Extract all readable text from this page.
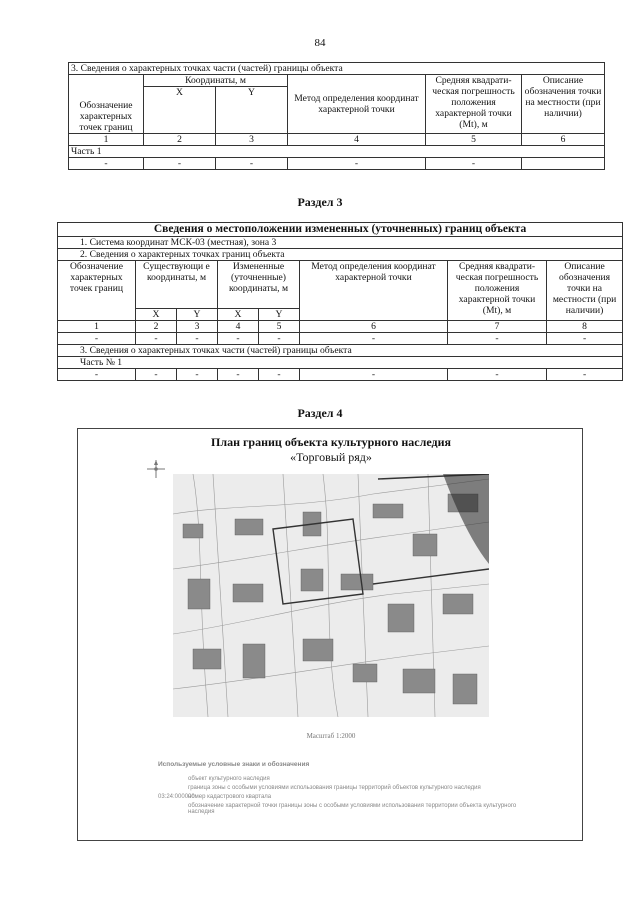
84
3. Сведения о характерных точках части (частей) границы объекта					
Обозначение характерных точек границ	Координаты, м		Метод определения координат характерной точки	Средняя квадрати-ческая погрешность положения характерной точки (Mt), м	Описание обозначения точки на местности (при наличии)
	X	Y			
1	2	3	4	5	6
Часть 1					
-	-	-	-	-	
Раздел 3
Сведения о местоположении измененных (уточненных) границ объекта							
1. Система координат МСК-03 (местная), зона 3							
2. Сведения о характерных точках границ объекта							
Обозначение характерных точек границ	Существующи е координаты, м		Измененные (уточненные) координаты, м		Метод определения координат характерной точки	Средняя квадрати-ческая погрешность положения характерной точки (Mt), м	Описание обозначения точки на местности (при наличии)
	X	Y	X	Y			
1	2	3	4	5	6	7	8
-	-	-	-	-	-	-	-
3. Сведения о характерных точках части (частей) границы объекта							
Часть № 1							
-	-	-	-	-	-	-	-
Раздел 4
План границ объекта культурного наследия
«Торговый ряд»
Масштаб 1:2000
Используемые условные знаки и обозначения
объект культурного наследия
граница зоны с особыми условиями использования границы территорий объектов культурного наследия
03:24:000000
номер кадастрового квартала
обозначение характерной точки границы зоны с особыми условиями использования территории объекта культурного наследия
